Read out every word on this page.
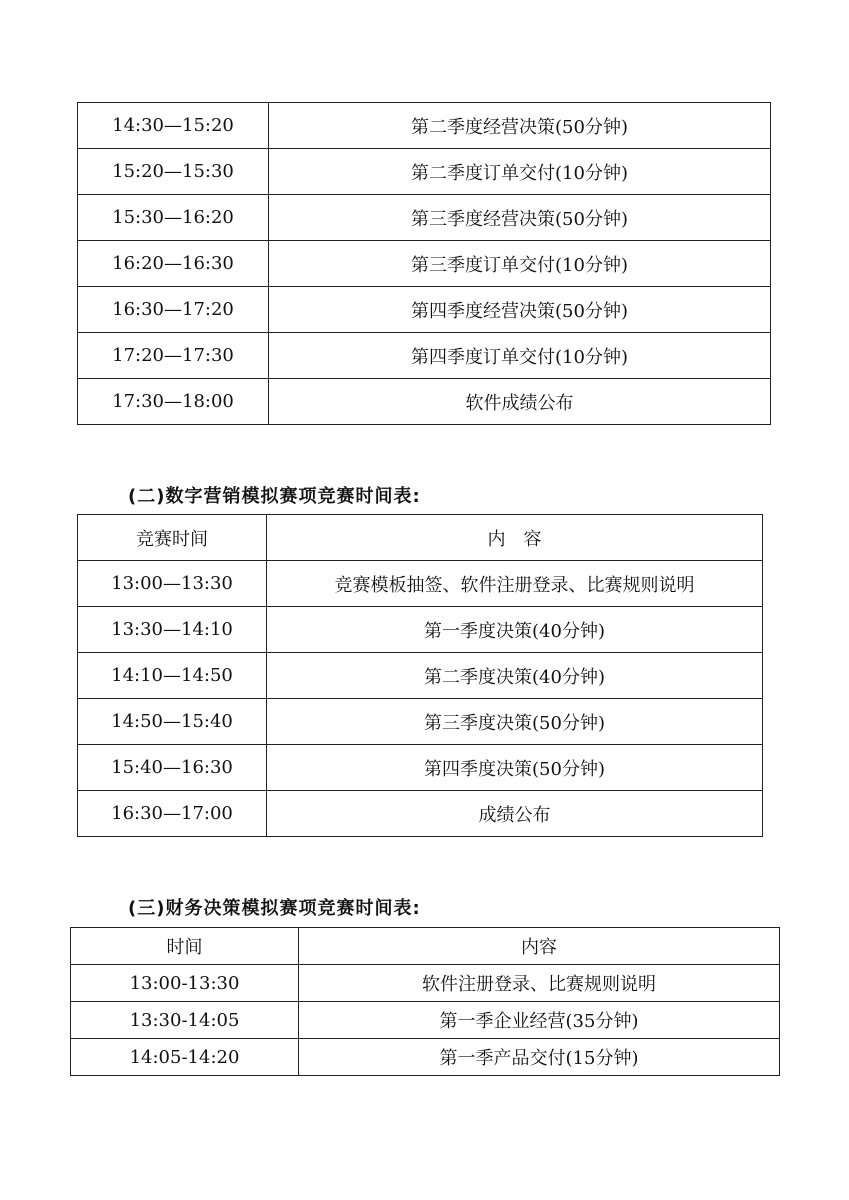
14:30—15:20	第二季度经营决策(50分钟)
15:20—15:30	第二季度订单交付(10分钟)
15:30—16:20	第三季度经营决策(50分钟)
16:20—16:30	第三季度订单交付(10分钟)
16:30—17:20	第四季度经营决策(50分钟)
17:20—17:30	第四季度订单交付(10分钟)
17:30—18:00	软件成绩公布

(二)数字营销模拟赛项竞赛时间表:

竞赛时间	内　容
13:00—13:30	竞赛模板抽签、软件注册登录、比赛规则说明
13:30—14:10	第一季度决策(40分钟)
14:10—14:50	第二季度决策(40分钟)
14:50—15:40	第三季度决策(50分钟)
15:40—16:30	第四季度决策(50分钟)
16:30—17:00	成绩公布

(三)财务决策模拟赛项竞赛时间表:

时间	内容
13:00-13:30	软件注册登录、比赛规则说明
13:30-14:05	第一季企业经营(35分钟)
14:05-14:20	第一季产品交付(15分钟)
